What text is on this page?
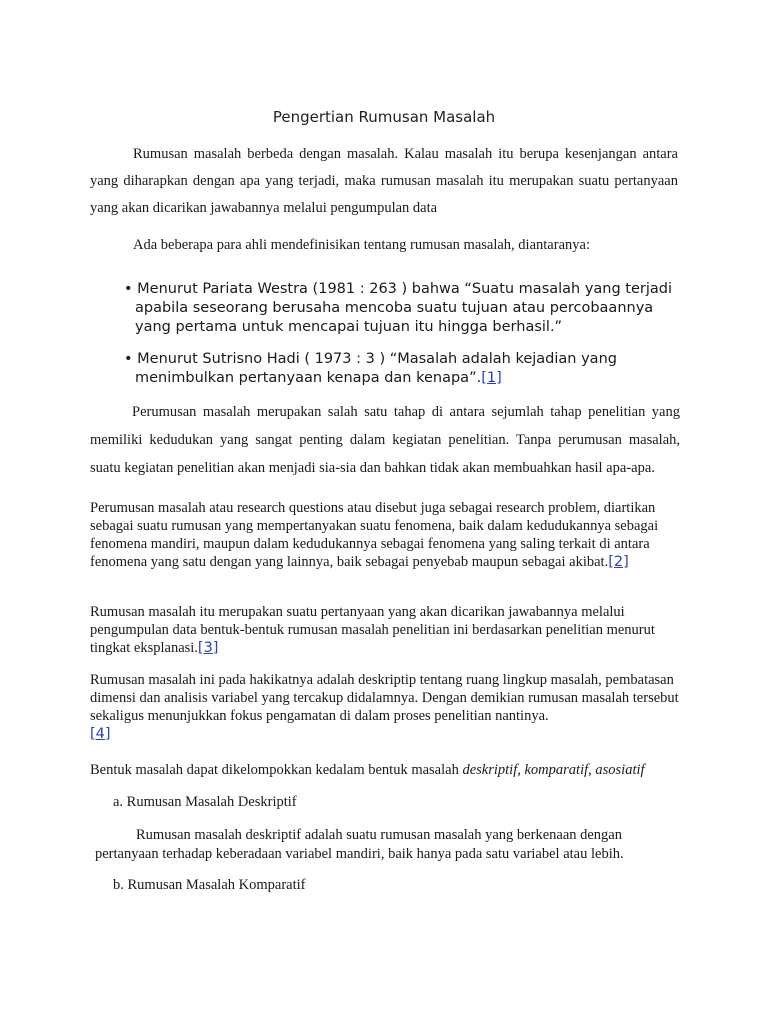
Pengertian Rumusan Masalah
Rumusan masalah berbeda dengan masalah. Kalau masalah itu berupa kesenjangan antara yang diharapkan dengan apa yang terjadi, maka rumusan masalah itu merupakan suatu pertanyaan yang akan dicarikan jawabannya melalui pengumpulan data
Ada beberapa para ahli mendefinisikan tentang rumusan masalah, diantaranya:
• Menurut Pariata Westra (1981 : 263 ) bahwa “Suatu masalah yang terjadi apabila seseorang berusaha mencoba suatu tujuan atau percobaannya yang pertama untuk mencapai tujuan itu hingga berhasil.”
• Menurut Sutrisno Hadi ( 1973 : 3 ) “Masalah adalah kejadian yang menimbulkan pertanyaan kenapa dan kenapa”.[1]
Perumusan masalah merupakan salah satu tahap di antara sejumlah tahap penelitian yang memiliki kedudukan yang sangat penting dalam kegiatan penelitian. Tanpa perumusan masalah, suatu kegiatan penelitian akan menjadi sia-sia dan bahkan tidak akan membuahkan hasil apa-apa.

Perumusan masalah atau research questions atau disebut juga sebagai research problem, diartikan sebagai suatu rumusan yang mempertanyakan suatu fenomena, baik dalam kedudukannya sebagai fenomena mandiri, maupun dalam kedudukannya sebagai fenomena yang saling terkait di antara fenomena yang satu dengan yang lainnya, baik sebagai penyebab maupun sebagai akibat.[2]

Rumusan masalah itu merupakan suatu pertanyaan yang akan dicarikan jawabannya melalui pengumpulan data bentuk-bentuk rumusan masalah penelitian ini berdasarkan penelitian menurut tingkat eksplanasi.[3]

Rumusan masalah ini pada hakikatnya adalah deskriptip tentang ruang lingkup masalah, pembatasan dimensi dan analisis variabel yang tercakup didalamnya. Dengan demikian rumusan masalah tersebut sekaligus menunjukkan fokus pengamatan di dalam proses penelitian nantinya.
[4]

Bentuk masalah dapat dikelompokkan kedalam bentuk masalah deskriptif, komparatif, asosiatif

a. Rumusan Masalah Deskriptif
Rumusan masalah deskriptif adalah suatu rumusan masalah yang berkenaan dengan pertanyaan terhadap keberadaan variabel mandiri, baik hanya pada satu variabel atau lebih.
b. Rumusan Masalah Komparatif
